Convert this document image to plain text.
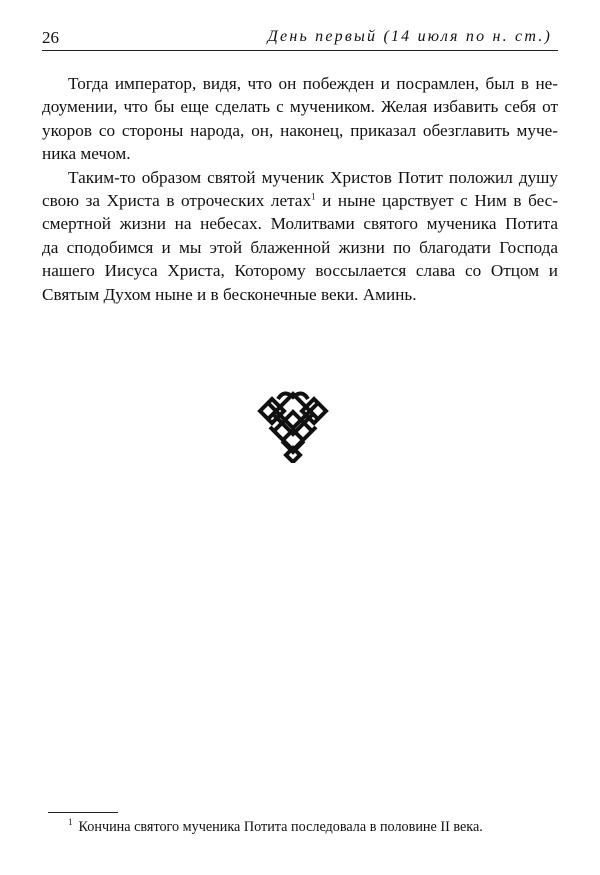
26	День первый (14 июля по н. ст.)
Тогда император, видя, что он побежден и посрамлен, был в не-
доумении, что бы еще сделать с мучеником. Желая избавить себя от
укоров со стороны народа, он, наконец, приказал обезглавить муче-
ника мечом.
Таким-то образом святой мученик Христов Потит положил душу
свою за Христа в отроческих летах$^1$ и ныне царствует с Ним в бес-
смертной жизни на небесах. Молитвами святого мученика Потита
да сподобимся и мы этой блаженной жизни по благодати Господа
нашего Иисуса Христа, Которому воссылается слава со Отцом и
Святым Духом ныне и в бесконечные веки. Аминь.
$^1$ Кончина святого мученика Потита последовала в половине II века.
